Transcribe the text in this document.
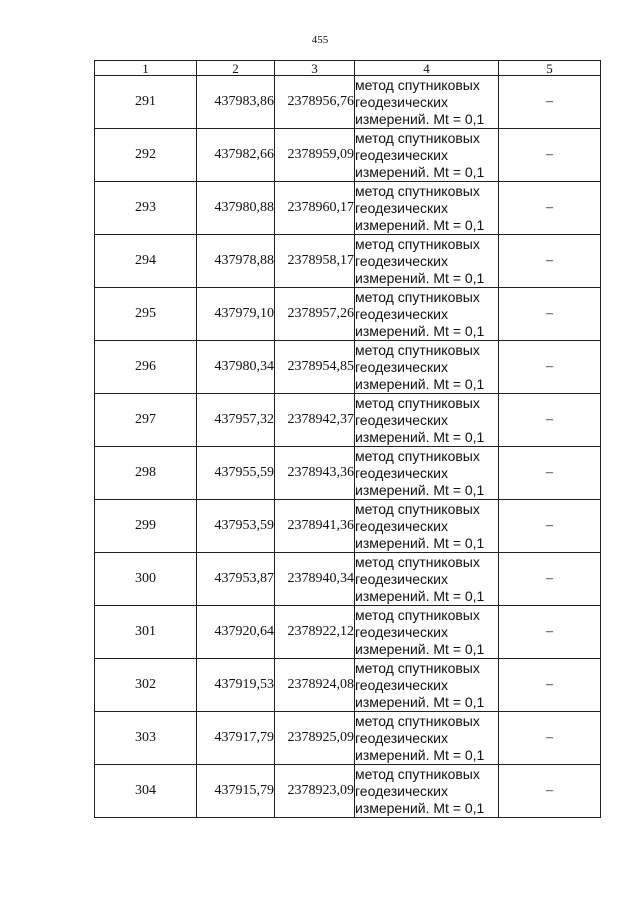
455
1	2	3	4	5
291	437983,86	2378956,76	метод спутниковых
геодезических
измерений. Mt = 0,1	–
292	437982,66	2378959,09	метод спутниковых
геодезических
измерений. Mt = 0,1	–
293	437980,88	2378960,17	метод спутниковых
геодезических
измерений. Mt = 0,1	–
294	437978,88	2378958,17	метод спутниковых
геодезических
измерений. Mt = 0,1	–
295	437979,10	2378957,26	метод спутниковых
геодезических
измерений. Mt = 0,1	–
296	437980,34	2378954,85	метод спутниковых
геодезических
измерений. Mt = 0,1	–
297	437957,32	2378942,37	метод спутниковых
геодезических
измерений. Mt = 0,1	–
298	437955,59	2378943,36	метод спутниковых
геодезических
измерений. Mt = 0,1	–
299	437953,59	2378941,36	метод спутниковых
геодезических
измерений. Mt = 0,1	–
300	437953,87	2378940,34	метод спутниковых
геодезических
измерений. Mt = 0,1	–
301	437920,64	2378922,12	метод спутниковых
геодезических
измерений. Mt = 0,1	–
302	437919,53	2378924,08	метод спутниковых
геодезических
измерений. Mt = 0,1	–
303	437917,79	2378925,09	метод спутниковых
геодезических
измерений. Mt = 0,1	–
304	437915,79	2378923,09	метод спутниковых
геодезических
измерений. Mt = 0,1	–
